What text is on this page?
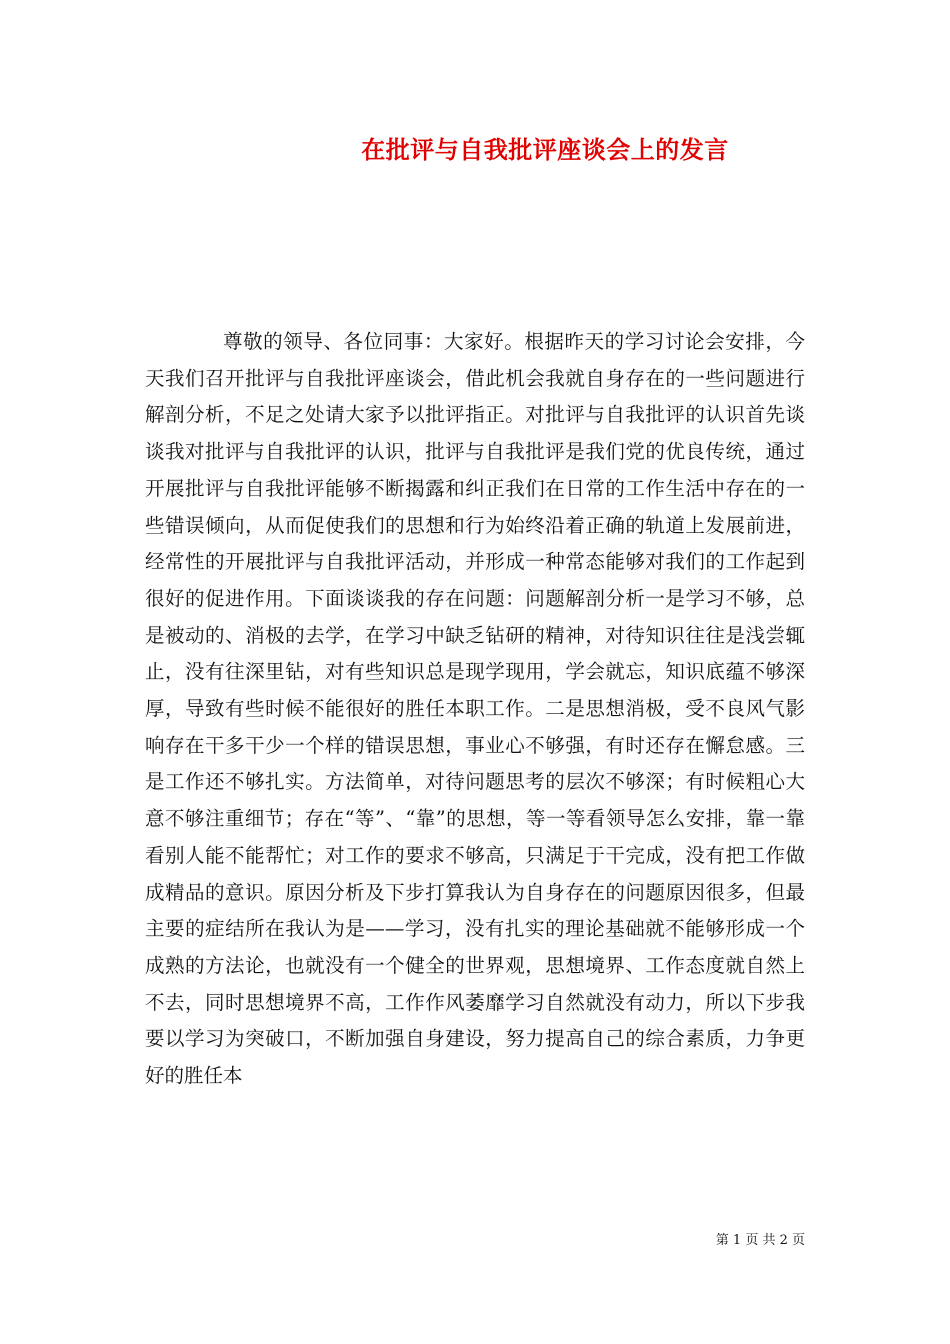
在批评与自我批评座谈会上的发言

尊敬的领导、各位同事：大家好。根据昨天的学习讨论会安排，今天我们召开批评与自我批评座谈会，借此机会我就自身存在的一些问题进行解剖分析，不足之处请大家予以批评指正。对批评与自我批评的认识首先谈谈我对批评与自我批评的认识，批评与自我批评是我们党的优良传统，通过开展批评与自我批评能够不断揭露和纠正我们在日常的工作生活中存在的一些错误倾向，从而促使我们的思想和行为始终沿着正确的轨道上发展前进，经常性的开展批评与自我批评活动，并形成一种常态能够对我们的工作起到很好的促进作用。下面谈谈我的存在问题：问题解剖分析一是学习不够，总是被动的、消极的去学，在学习中缺乏钻研的精神，对待知识往往是浅尝辄止，没有往深里钻，对有些知识总是现学现用，学会就忘，知识底蕴不够深厚，导致有些时候不能很好的胜任本职工作。二是思想消极，受不良风气影响存在干多干少一个样的错误思想，事业心不够强，有时还存在懈怠感。三是工作还不够扎实。方法简单，对待问题思考的层次不够深；有时候粗心大意不够注重细节；存在“等”、“靠”的思想，等一等看领导怎么安排，靠一靠看别人能不能帮忙；对工作的要求不够高，只满足于干完成，没有把工作做成精品的意识。原因分析及下步打算我认为自身存在的问题原因很多，但最主要的症结所在我认为是——学习，没有扎实的理论基础就不能够形成一个成熟的方法论，也就没有一个健全的世界观，思想境界、工作态度就自然上不去，同时思想境界不高，工作作风萎靡学习自然就没有动力，所以下步我要以学习为突破口，不断加强自身建设，努力提高自己的综合素质，力争更好的胜任本

第 1 页 共 2 页
